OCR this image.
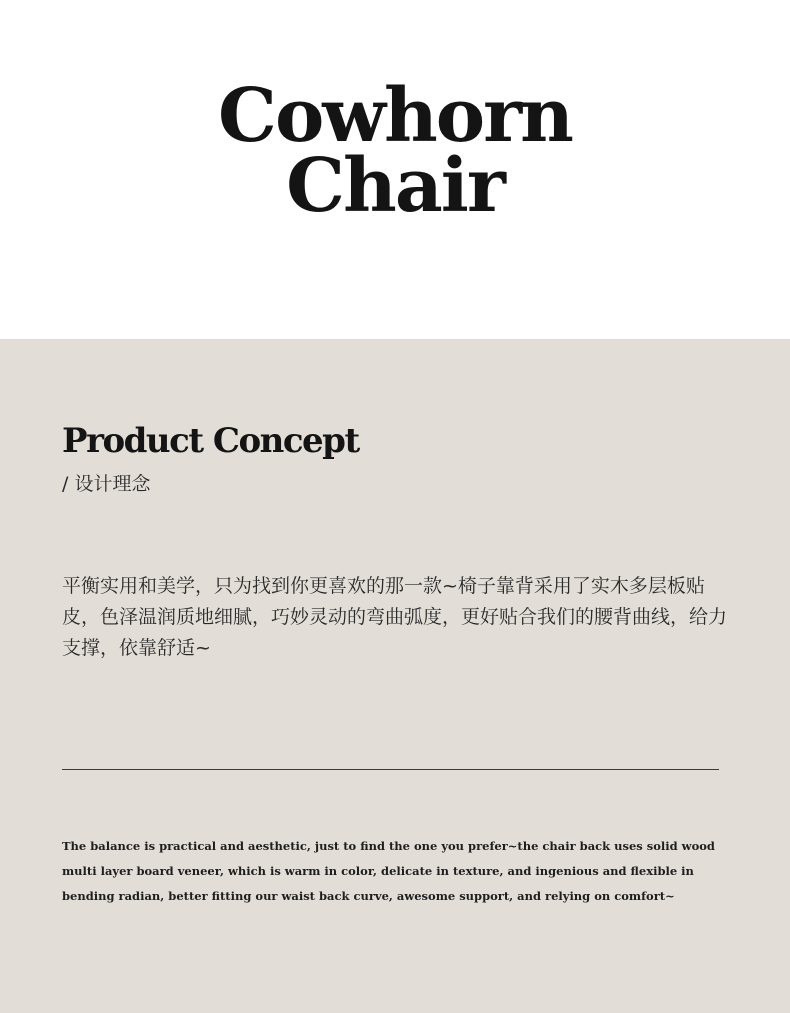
Cowhorn
Chair
Product Concept
/ 设计理念

平衡实用和美学，只为找到你更喜欢的那一款~椅子靠背采用了实木多层板贴皮，色泽温润质地细腻，巧妙灵动的弯曲弧度，更好贴合我们的腰背曲线，给力支撑，依靠舒适~

The balance is practical and aesthetic, just to find the one you prefer~the chair back uses solid wood multi layer board veneer, which is warm in color, delicate in texture, and ingenious and flexible in bending radian, better fitting our waist back curve, awesome support, and relying on comfort~
